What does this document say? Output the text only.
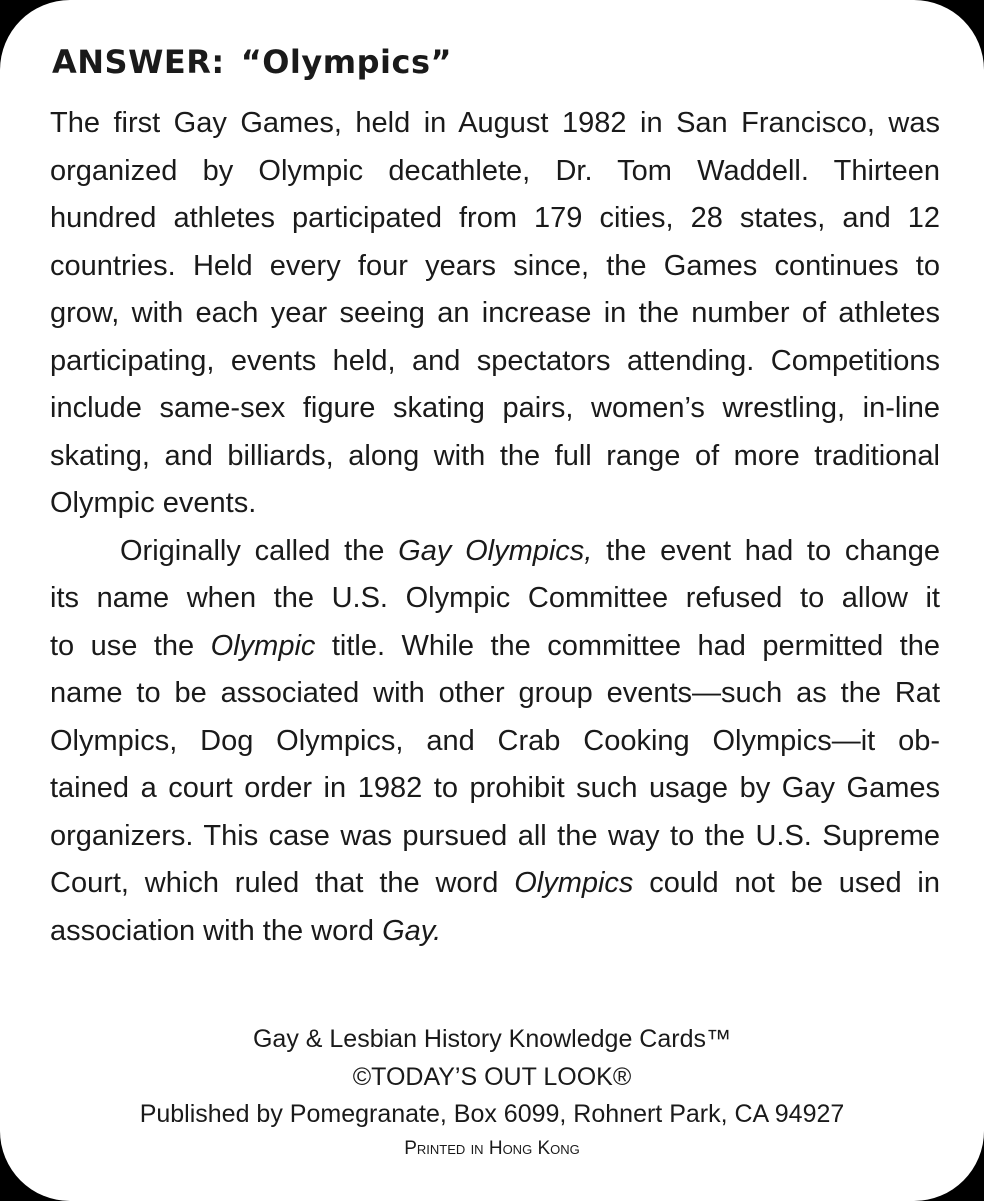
ANSWER: “Olympics”
The first Gay Games, held in August 1982 in San Francisco, was
organized by Olympic decathlete, Dr. Tom Waddell. Thirteen
hundred athletes participated from 179 cities, 28 states, and 12
countries. Held every four years since, the Games continues to
grow, with each year seeing an increase in the number of athletes
participating, events held, and spectators attending. Competitions
include same-sex figure skating pairs, women’s wrestling, in-line
skating, and billiards, along with the full range of more traditional
Olympic events.
Originally called the Gay Olympics, the event had to change
its name when the U.S. Olympic Committee refused to allow it
to use the Olympic title. While the committee had permitted the
name to be associated with other group events—such as the Rat
Olympics, Dog Olympics, and Crab Cooking Olympics—it ob-
tained a court order in 1982 to prohibit such usage by Gay Games
organizers. This case was pursued all the way to the U.S. Supreme
Court, which ruled that the word Olympics could not be used in
association with the word Gay.
Gay & Lesbian History Knowledge Cards™
©TODAY’S OUT LOOK®
Published by Pomegranate, Box 6099, Rohnert Park, CA 94927
Printed in Hong Kong
